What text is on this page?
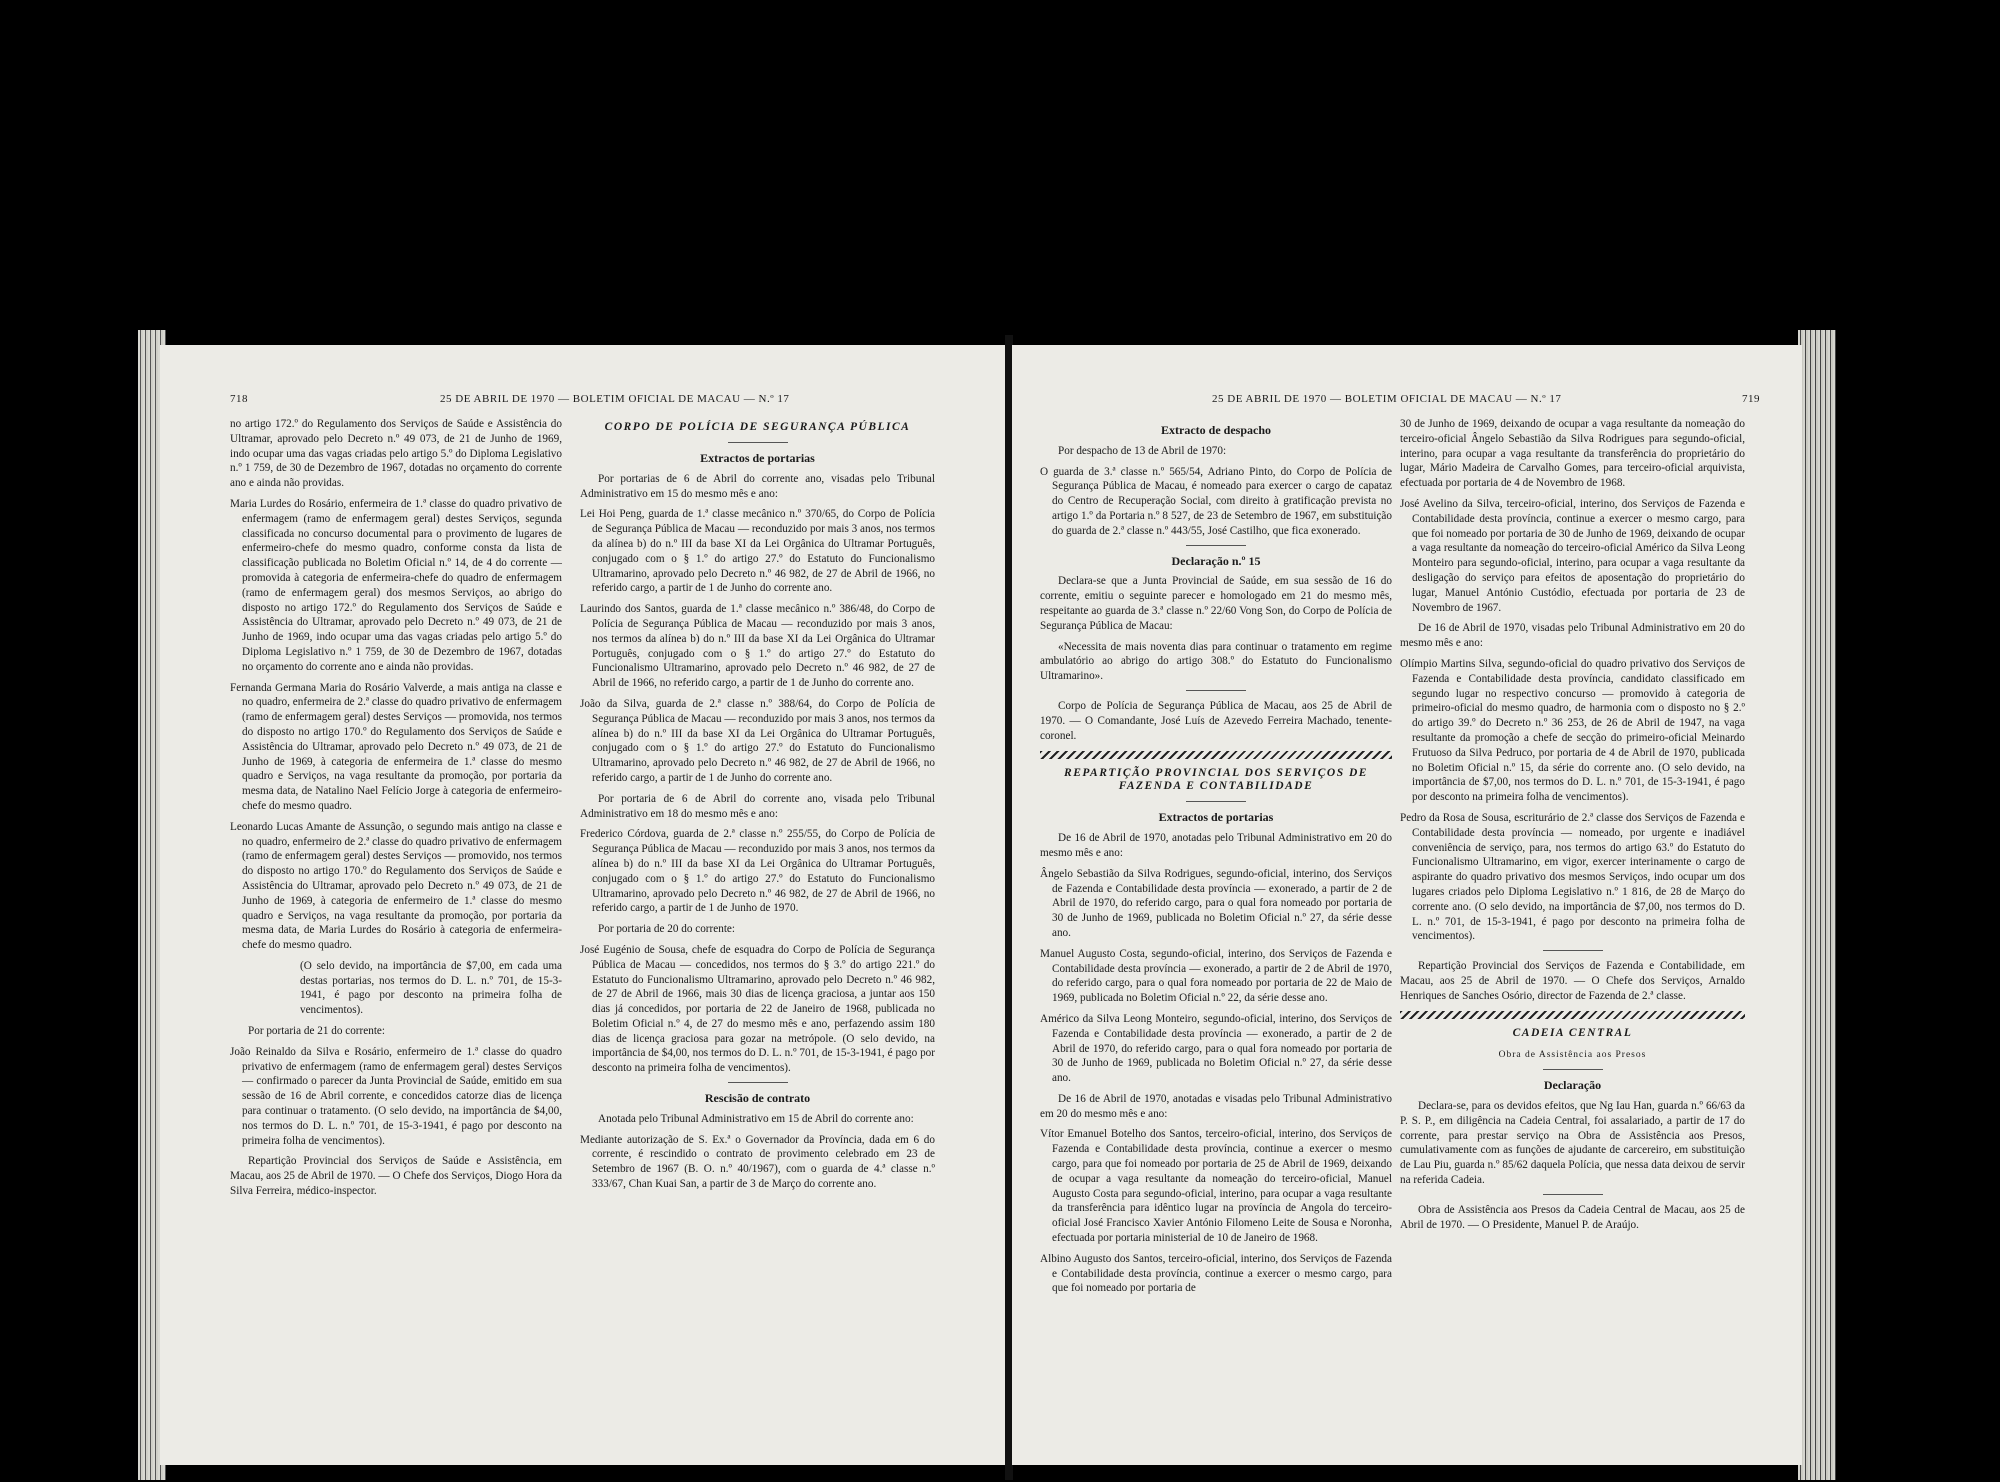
718	25 DE ABRIL DE 1970 — BOLETIM OFICIAL DE MACAU — N.º 17

no artigo 172.º do Regulamento dos Serviços de Saúde e Assistência do Ultramar, aprovado pelo Decreto n.º 49 073, de 21 de Junho de 1969, indo ocupar uma das vagas criadas pelo artigo 5.º do Diploma Legislativo n.º 1 759, de 30 de Dezembro de 1967, dotadas no orçamento do corrente ano e ainda não providas.

Maria Lurdes do Rosário, enfermeira de 1.ª classe do quadro privativo de enfermagem (ramo de enfermagem geral) destes Serviços, segunda classificada no concurso documental para o provimento de lugares de enfermeiro-chefe do mesmo quadro, conforme consta da lista de classificação publicada no Boletim Oficial n.º 14, de 4 do corrente — promovida à categoria de enfermeira-chefe do quadro de enfermagem (ramo de enfermagem geral) dos mesmos Serviços, ao abrigo do disposto no artigo 172.º do Regulamento dos Serviços de Saúde e Assistência do Ultramar, aprovado pelo Decreto n.º 49 073, de 21 de Junho de 1969, indo ocupar uma das vagas criadas pelo artigo 5.º do Diploma Legislativo n.º 1 759, de 30 de Dezembro de 1967, dotadas no orçamento do corrente ano e ainda não providas.

Fernanda Germana Maria do Rosário Valverde, a mais antiga na classe e no quadro, enfermeira de 2.ª classe do quadro privativo de enfermagem (ramo de enfermagem geral) destes Serviços — promovida, nos termos do disposto no artigo 170.º do Regulamento dos Serviços de Saúde e Assistência do Ultramar, aprovado pelo Decreto n.º 49 073, de 21 de Junho de 1969, à categoria de enfermeira de 1.ª classe do mesmo quadro e Serviços, na vaga resultante da promoção, por portaria da mesma data, de Natalino Nael Felício Jorge à categoria de enfermeiro-chefe do mesmo quadro.

Leonardo Lucas Amante de Assunção, o segundo mais antigo na classe e no quadro, enfermeiro de 2.ª classe do quadro privativo de enfermagem (ramo de enfermagem geral) destes Serviços — promovido, nos termos do disposto no artigo 170.º do Regulamento dos Serviços de Saúde e Assistência do Ultramar, aprovado pelo Decreto n.º 49 073, de 21 de Junho de 1969, à categoria de enfermeiro de 1.ª classe do mesmo quadro e Serviços, na vaga resultante da promoção, por portaria da mesma data, de Maria Lurdes do Rosário à categoria de enfermeira-chefe do mesmo quadro.

(O selo devido, na importância de $7,00, em cada uma destas portarias, nos termos do D. L. n.º 701, de 15-3-1941, é pago por desconto na primeira folha de vencimentos).

Por portaria de 21 do corrente:

João Reinaldo da Silva e Rosário, enfermeiro de 1.ª classe do quadro privativo de enfermagem (ramo de enfermagem geral) destes Serviços — confirmado o parecer da Junta Provincial de Saúde, emitido em sua sessão de 16 de Abril corrente, e concedidos catorze dias de licença para continuar o tratamento. (O selo devido, na importância de $4,00, nos termos do D. L. n.º 701, de 15-3-1941, é pago por desconto na primeira folha de vencimentos).

Repartição Provincial dos Serviços de Saúde e Assistência, em Macau, aos 25 de Abril de 1970. — O Chefe dos Serviços, Diogo Hora da Silva Ferreira, médico-inspector.

CORPO DE POLÍCIA DE SEGURANÇA PÚBLICA
Extractos de portarias

Por portarias de 6 de Abril do corrente ano, visadas pelo Tribunal Administrativo em 15 do mesmo mês e ano:

Lei Hoi Peng, guarda de 1.ª classe mecânico n.º 370/65, do Corpo de Polícia de Segurança Pública de Macau — reconduzido por mais 3 anos, nos termos da alínea b) do n.º III da base XI da Lei Orgânica do Ultramar Português, conjugado com o § 1.º do artigo 27.º do Estatuto do Funcionalismo Ultramarino, aprovado pelo Decreto n.º 46 982, de 27 de Abril de 1966, no referido cargo, a partir de 1 de Junho do corrente ano.

Laurindo dos Santos, guarda de 1.ª classe mecânico n.º 386/48, do Corpo de Polícia de Segurança Pública de Macau — reconduzido por mais 3 anos, nos termos da alínea b) do n.º III da base XI da Lei Orgânica do Ultramar Português, conjugado com o § 1.º do artigo 27.º do Estatuto do Funcionalismo Ultramarino, aprovado pelo Decreto n.º 46 982, de 27 de Abril de 1966, no referido cargo, a partir de 1 de Junho do corrente ano.

João da Silva, guarda de 2.ª classe n.º 388/64, do Corpo de Polícia de Segurança Pública de Macau — reconduzido por mais 3 anos, nos termos da alínea b) do n.º III da base XI da Lei Orgânica do Ultramar Português, conjugado com o § 1.º do artigo 27.º do Estatuto do Funcionalismo Ultramarino, aprovado pelo Decreto n.º 46 982, de 27 de Abril de 1966, no referido cargo, a partir de 1 de Junho do corrente ano.

Por portaria de 6 de Abril do corrente ano, visada pelo Tribunal Administrativo em 18 do mesmo mês e ano:

Frederico Córdova, guarda de 2.ª classe n.º 255/55, do Corpo de Polícia de Segurança Pública de Macau — reconduzido por mais 3 anos, nos termos da alínea b) do n.º III da base XI da Lei Orgânica do Ultramar Português, conjugado com o § 1.º do artigo 27.º do Estatuto do Funcionalismo Ultramarino, aprovado pelo Decreto n.º 46 982, de 27 de Abril de 1966, no referido cargo, a partir de 1 de Junho de 1970.

Por portaria de 20 do corrente:

José Eugénio de Sousa, chefe de esquadra do Corpo de Polícia de Segurança Pública de Macau — concedidos, nos termos do § 3.º do artigo 221.º do Estatuto do Funcionalismo Ultramarino, aprovado pelo Decreto n.º 46 982, de 27 de Abril de 1966, mais 30 dias de licença graciosa, a juntar aos 150 dias já concedidos, por portaria de 22 de Janeiro de 1968, publicada no Boletim Oficial n.º 4, de 27 do mesmo mês e ano, perfazendo assim 180 dias de licença graciosa para gozar na metrópole. (O selo devido, na importância de $4,00, nos termos do D. L. n.º 701, de 15-3-1941, é pago por desconto na primeira folha de vencimentos).

Rescisão de contrato

Anotada pelo Tribunal Administrativo em 15 de Abril do corrente ano:

Mediante autorização de S. Ex.ª o Governador da Província, dada em 6 do corrente, é rescindido o contrato de provimento celebrado em 23 de Setembro de 1967 (B. O. n.º 40/1967), com o guarda de 4.ª classe n.º 333/67, Chan Kuai San, a partir de 3 de Março do corrente ano.

25 DE ABRIL DE 1970 — BOLETIM OFICIAL DE MACAU — N.º 17	719
Extracto de despacho

Por despacho de 13 de Abril de 1970:

O guarda de 3.ª classe n.º 565/54, Adriano Pinto, do Corpo de Polícia de Segurança Pública de Macau, é nomeado para exercer o cargo de capataz do Centro de Recuperação Social, com direito à gratificação prevista no artigo 1.º da Portaria n.º 8 527, de 23 de Setembro de 1967, em substituição do guarda de 2.ª classe n.º 443/55, José Castilho, que fica exonerado.

Declaração n.º 15

Declara-se que a Junta Provincial de Saúde, em sua sessão de 16 do corrente, emitiu o seguinte parecer e homologado em 21 do mesmo mês, respeitante ao guarda de 3.ª classe n.º 22/60 Vong Son, do Corpo de Polícia de Segurança Pública de Macau:

«Necessita de mais noventa dias para continuar o tratamento em regime ambulatório ao abrigo do artigo 308.º do Estatuto do Funcionalismo Ultramarino».

Corpo de Polícia de Segurança Pública de Macau, aos 25 de Abril de 1970. — O Comandante, José Luís de Azevedo Ferreira Machado, tenente-coronel.

REPARTIÇÃO PROVINCIAL DOS SERVIÇOS DE FAZENDA E CONTABILIDADE
Extractos de portarias

De 16 de Abril de 1970, anotadas pelo Tribunal Administrativo em 20 do mesmo mês e ano:

Ângelo Sebastião da Silva Rodrigues, segundo-oficial, interino, dos Serviços de Fazenda e Contabilidade desta província — exonerado, a partir de 2 de Abril de 1970, do referido cargo, para o qual fora nomeado por portaria de 30 de Junho de 1969, publicada no Boletim Oficial n.º 27, da série desse ano.

Manuel Augusto Costa, segundo-oficial, interino, dos Serviços de Fazenda e Contabilidade desta província — exonerado, a partir de 2 de Abril de 1970, do referido cargo, para o qual fora nomeado por portaria de 22 de Maio de 1969, publicada no Boletim Oficial n.º 22, da série desse ano.

Américo da Silva Leong Monteiro, segundo-oficial, interino, dos Serviços de Fazenda e Contabilidade desta província — exonerado, a partir de 2 de Abril de 1970, do referido cargo, para o qual fora nomeado por portaria de 30 de Junho de 1969, publicada no Boletim Oficial n.º 27, da série desse ano.

De 16 de Abril de 1970, anotadas e visadas pelo Tribunal Administrativo em 20 do mesmo mês e ano:

Vítor Emanuel Botelho dos Santos, terceiro-oficial, interino, dos Serviços de Fazenda e Contabilidade desta província, continue a exercer o mesmo cargo, para que foi nomeado por portaria de 25 de Abril de 1969, deixando de ocupar a vaga resultante da nomeação do terceiro-oficial, Manuel Augusto Costa para segundo-oficial, interino, para ocupar a vaga resultante da transferência para idêntico lugar na província de Angola do terceiro-oficial José Francisco Xavier António Filomeno Leite de Sousa e Noronha, efectuada por portaria ministerial de 10 de Janeiro de 1968.

Albino Augusto dos Santos, terceiro-oficial, interino, dos Serviços de Fazenda e Contabilidade desta província, continue a exercer o mesmo cargo, para que foi nomeado por portaria de

30 de Junho de 1969, deixando de ocupar a vaga resultante da nomeação do terceiro-oficial Ângelo Sebastião da Silva Rodrigues para segundo-oficial, interino, para ocupar a vaga resultante da transferência do proprietário do lugar, Mário Madeira de Carvalho Gomes, para terceiro-oficial arquivista, efectuada por portaria de 4 de Novembro de 1968.

José Avelino da Silva, terceiro-oficial, interino, dos Serviços de Fazenda e Contabilidade desta província, continue a exercer o mesmo cargo, para que foi nomeado por portaria de 30 de Junho de 1969, deixando de ocupar a vaga resultante da nomeação do terceiro-oficial Américo da Silva Leong Monteiro para segundo-oficial, interino, para ocupar a vaga resultante da desligação do serviço para efeitos de aposentação do proprietário do lugar, Manuel António Custódio, efectuada por portaria de 23 de Novembro de 1967.

De 16 de Abril de 1970, visadas pelo Tribunal Administrativo em 20 do mesmo mês e ano:

Olímpio Martins Silva, segundo-oficial do quadro privativo dos Serviços de Fazenda e Contabilidade desta província, candidato classificado em segundo lugar no respectivo concurso — promovido à categoria de primeiro-oficial do mesmo quadro, de harmonia com o disposto no § 2.º do artigo 39.º do Decreto n.º 36 253, de 26 de Abril de 1947, na vaga resultante da promoção a chefe de secção do primeiro-oficial Meinardo Frutuoso da Silva Pedruco, por portaria de 4 de Abril de 1970, publicada no Boletim Oficial n.º 15, da série do corrente ano. (O selo devido, na importância de $7,00, nos termos do D. L. n.º 701, de 15-3-1941, é pago por desconto na primeira folha de vencimentos).

Pedro da Rosa de Sousa, escriturário de 2.ª classe dos Serviços de Fazenda e Contabilidade desta província — nomeado, por urgente e inadiável conveniência de serviço, para, nos termos do artigo 63.º do Estatuto do Funcionalismo Ultramarino, em vigor, exercer interinamente o cargo de aspirante do quadro privativo dos mesmos Serviços, indo ocupar um dos lugares criados pelo Diploma Legislativo n.º 1 816, de 28 de Março do corrente ano. (O selo devido, na importância de $7,00, nos termos do D. L. n.º 701, de 15-3-1941, é pago por desconto na primeira folha de vencimentos).

Repartição Provincial dos Serviços de Fazenda e Contabilidade, em Macau, aos 25 de Abril de 1970. — O Chefe dos Serviços, Arnaldo Henriques de Sanches Osório, director de Fazenda de 2.ª classe.

CADEIA CENTRAL
Obra de Assistência aos Presos
Declaração

Declara-se, para os devidos efeitos, que Ng Iau Han, guarda n.º 66/63 da P. S. P., em diligência na Cadeia Central, foi assalariado, a partir de 17 do corrente, para prestar serviço na Obra de Assistência aos Presos, cumulativamente com as funções de ajudante de carcereiro, em substituição de Lau Piu, guarda n.º 85/62 daquela Polícia, que nessa data deixou de servir na referida Cadeia.

Obra de Assistência aos Presos da Cadeia Central de Macau, aos 25 de Abril de 1970. — O Presidente, Manuel P. de Araújo.
